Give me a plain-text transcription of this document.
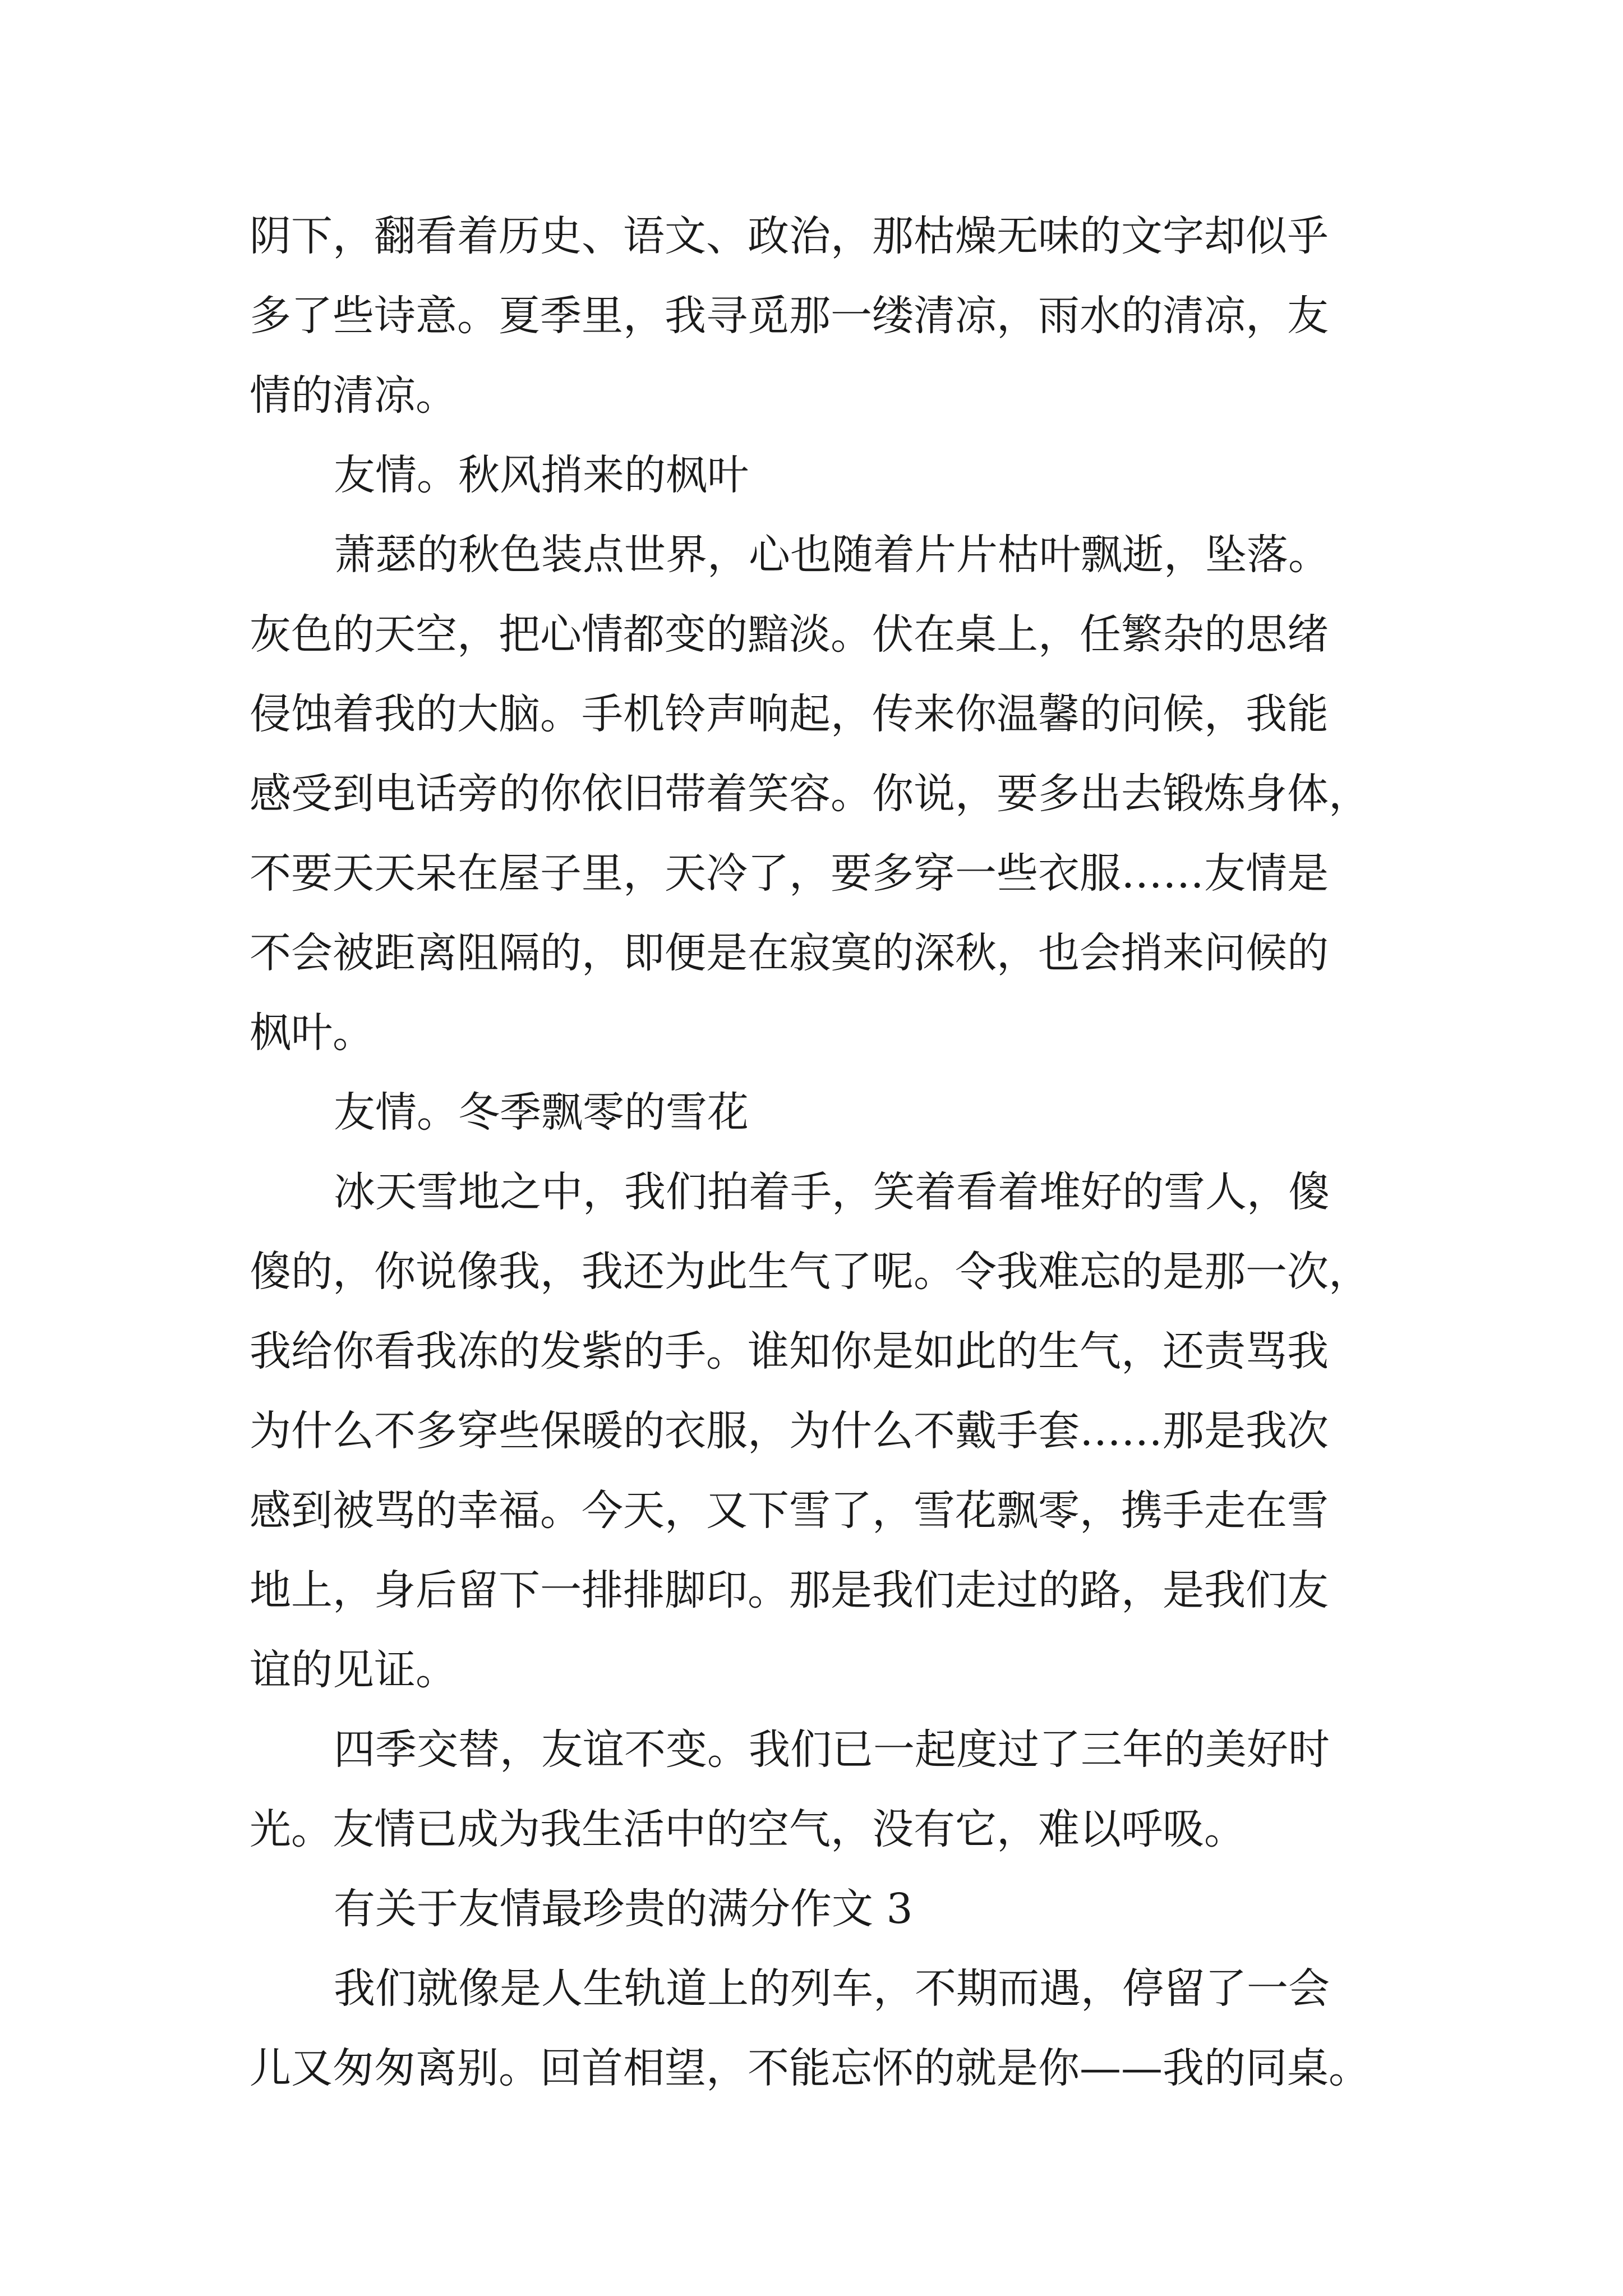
阴下，翻看着历史、语文、政治，那枯燥无味的文字却似乎
多了些诗意。夏季里，我寻觅那一缕清凉，雨水的清凉，友
情的清凉。
友情。秋风捎来的枫叶
萧瑟的秋色装点世界，心也随着片片枯叶飘逝，坠落。
灰色的天空，把心情都变的黯淡。伏在桌上，任繁杂的思绪
侵蚀着我的大脑。手机铃声响起，传来你温馨的问候，我能
感受到电话旁的你依旧带着笑容。你说，要多出去锻炼身体，
不要天天呆在屋子里，天冷了，要多穿一些衣服……友情是
不会被距离阻隔的，即便是在寂寞的深秋，也会捎来问候的
枫叶。
友情。冬季飘零的雪花
冰天雪地之中，我们拍着手，笑着看着堆好的雪人，傻
傻的，你说像我，我还为此生气了呢。令我难忘的是那一次，
我给你看我冻的发紫的手。谁知你是如此的生气，还责骂我
为什么不多穿些保暖的衣服，为什么不戴手套……那是我次
感到被骂的幸福。今天，又下雪了，雪花飘零，携手走在雪
地上，身后留下一排排脚印。那是我们走过的路，是我们友
谊的见证。
四季交替，友谊不变。我们已一起度过了三年的美好时
光。友情已成为我生活中的空气，没有它，难以呼吸。
有关于友情最珍贵的满分作文 3
我们就像是人生轨道上的列车，不期而遇，停留了一会
儿又匆匆离别。回首相望，不能忘怀的就是你——我的同桌。
